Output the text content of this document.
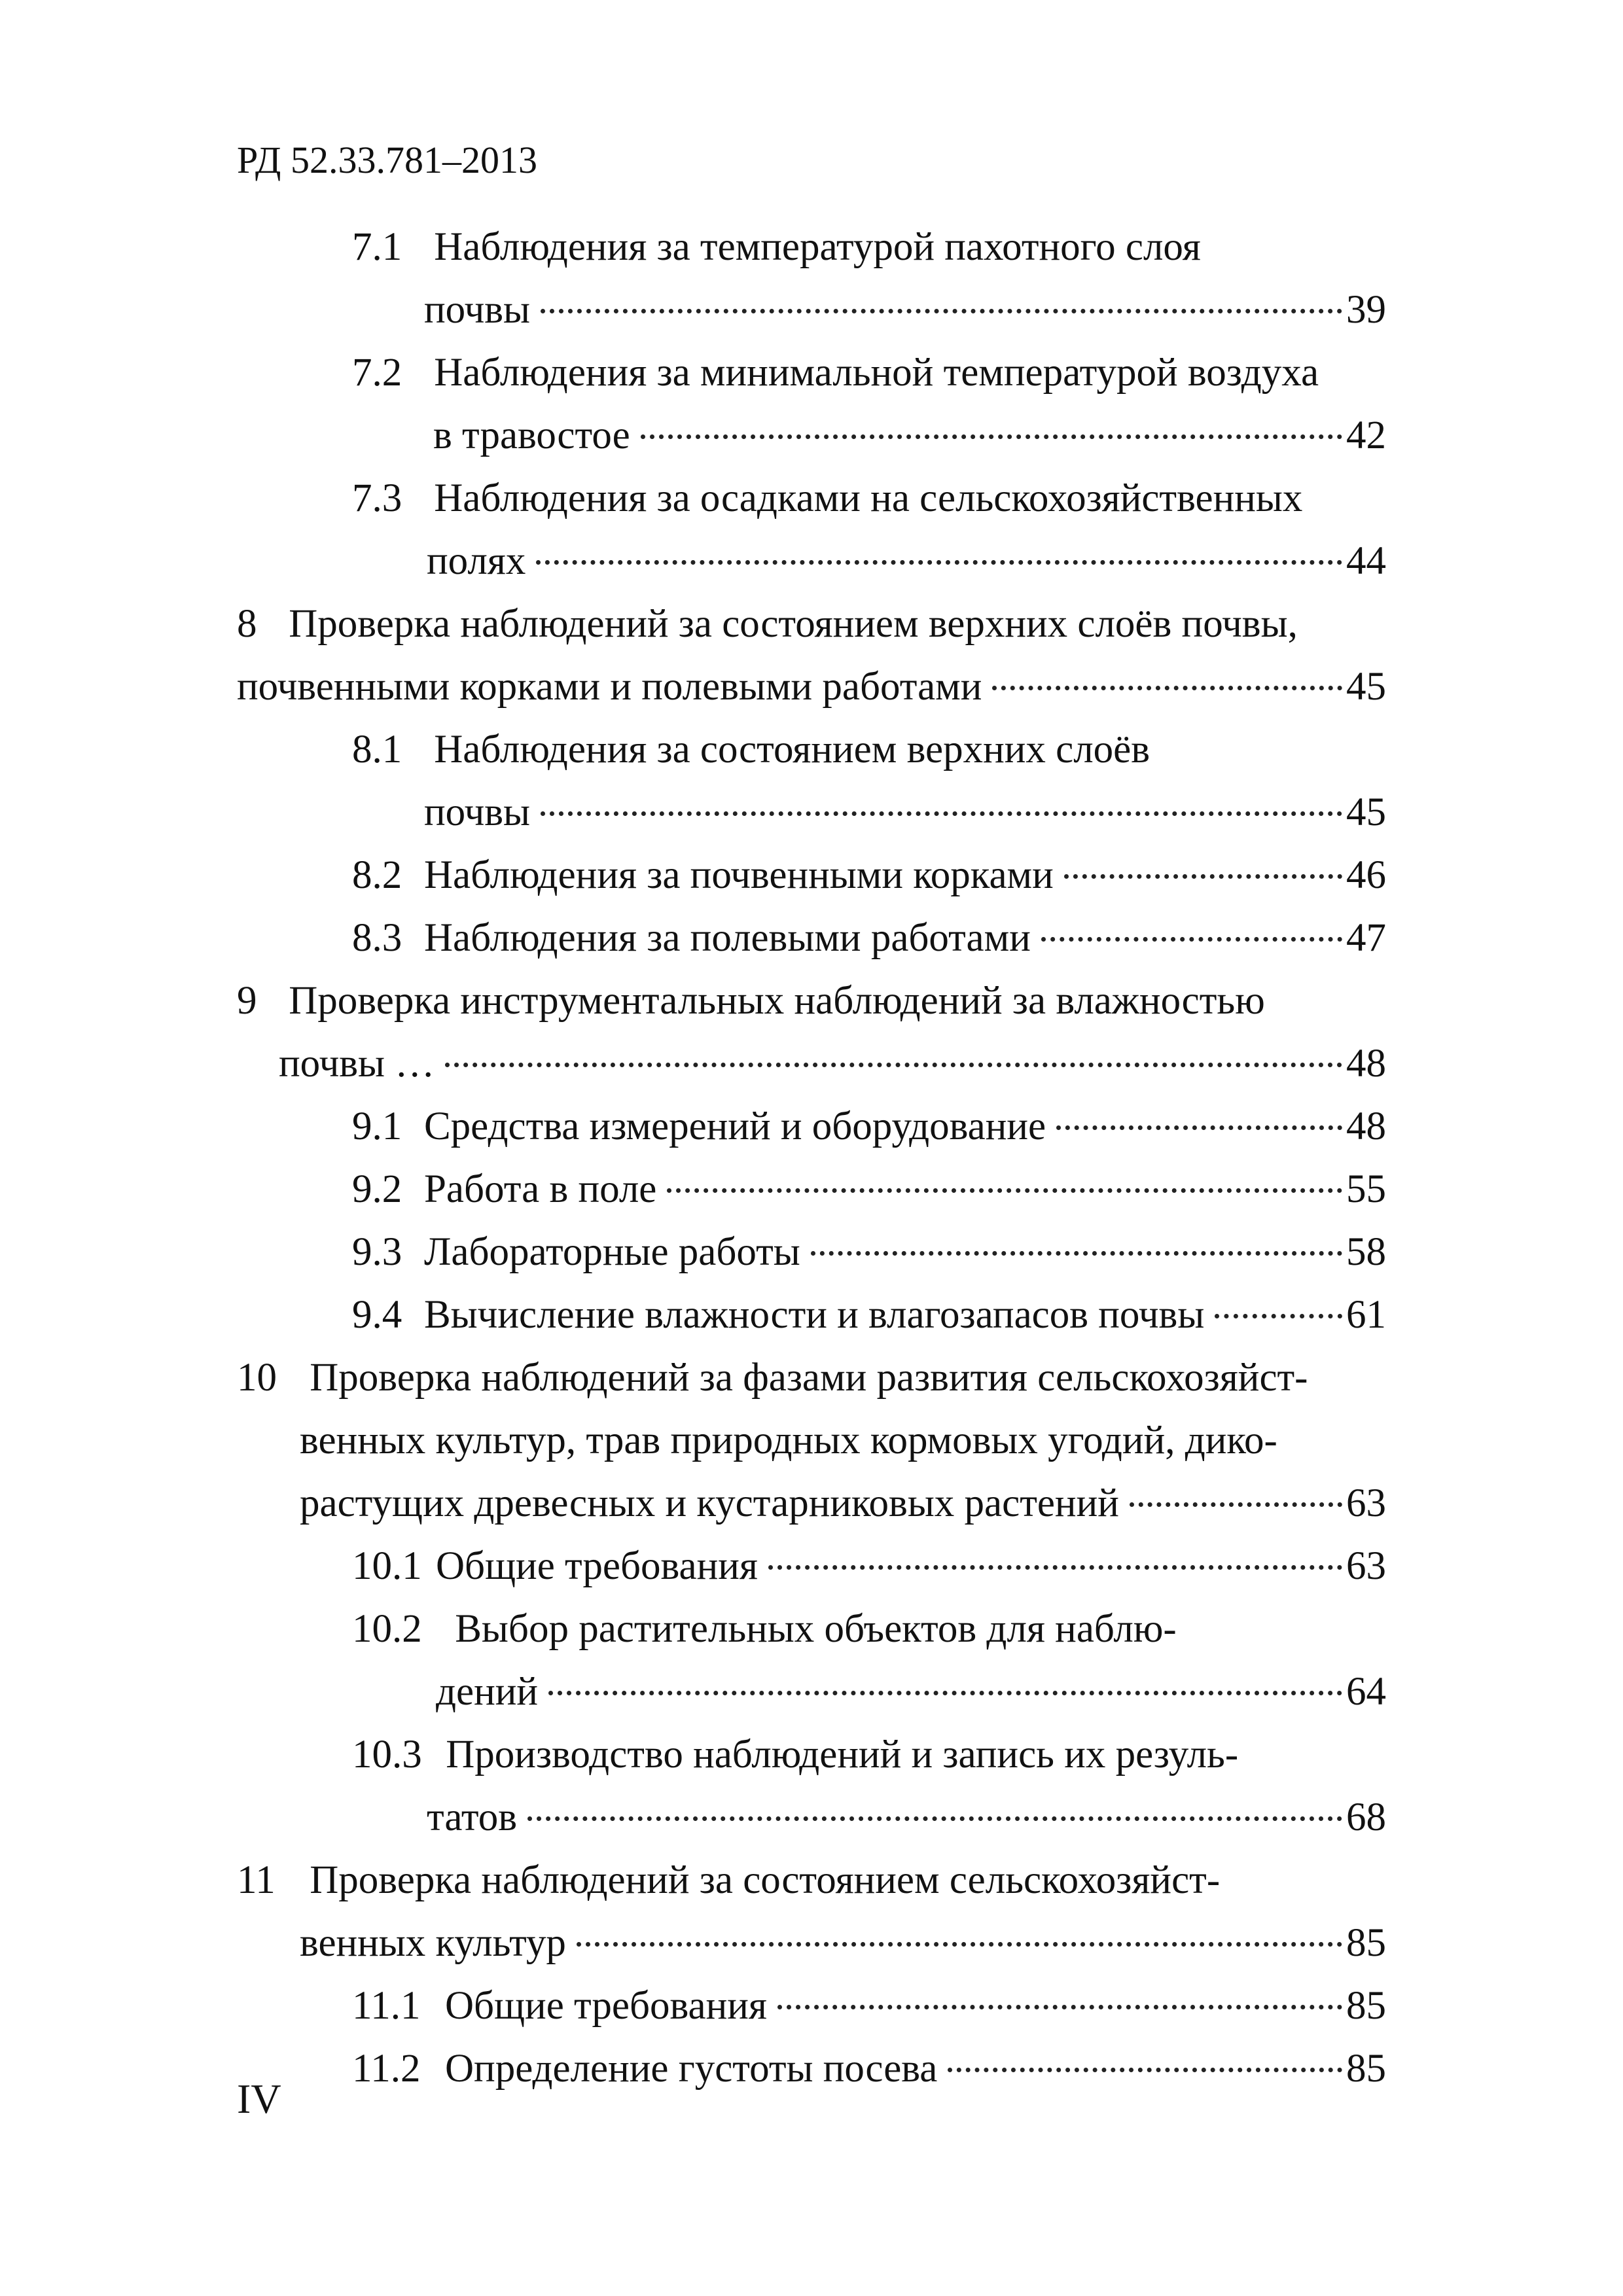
РД 52.33.781–2013
7.1 Наблюдения за температурой пахотного слоя
почвы	39
7.2 Наблюдения за минимальной температурой воздуха
в травостое	42
7.3 Наблюдения за осадками на сельскохозяйственных
полях	44
8 Проверка наблюдений за состоянием верхних слоёв почвы,
почвенными корками и полевыми работами	45
8.1 Наблюдения за состоянием верхних слоёв
почвы	45
8.2 Наблюдения за почвенными корками	46
8.3 Наблюдения за полевыми работами	47
9 Проверка инструментальных наблюдений за влажностью
почвы …	48
9.1 Средства измерений и оборудование	48
9.2 Работа в поле	55
9.3 Лабораторные работы	58
9.4 Вычисление влажности и влагозапасов почвы	61
10 Проверка наблюдений за фазами развития сельскохозяйст-
венных культур, трав природных кормовых угодий, дико-
растущих древесных и кустарниковых растений	63
10.1 Общие требования	63
10.2 Выбор растительных объектов для наблю-
дений	64
10.3 Производство наблюдений и запись их резуль-
татов	68
11 Проверка наблюдений за состоянием сельскохозяйст-
венных культур	85
11.1 Общие требования	85
11.2 Определение густоты посева	85
IV
